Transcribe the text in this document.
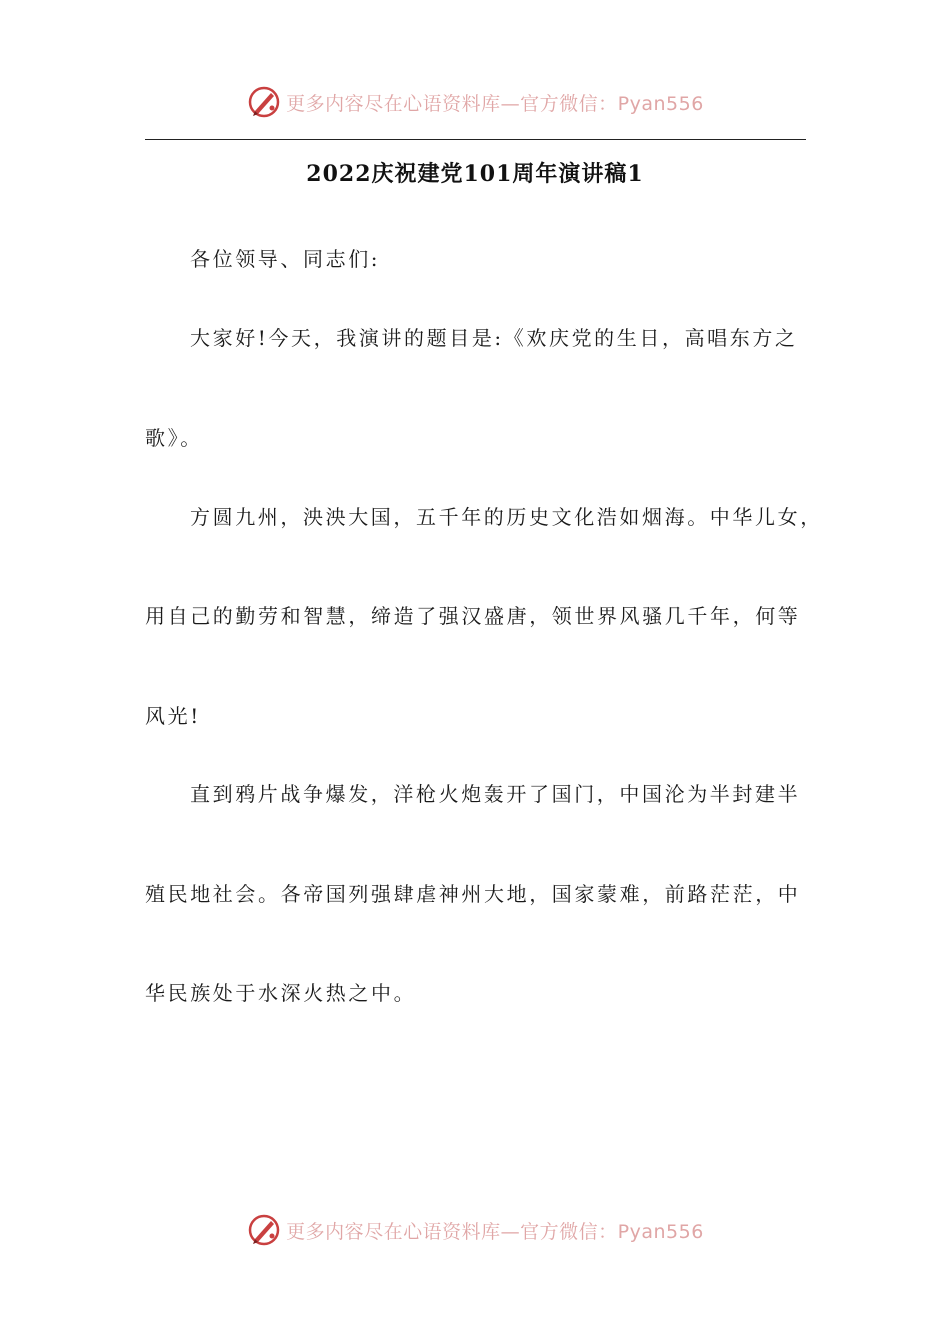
更多内容尽在心语资料库—官方微信：Pyan556
2022庆祝建党101周年演讲稿1
各位领导、同志们:
大家好!今天，我演讲的题目是:《欢庆党的生日，高唱东方之
歌》。
方圆九州，泱泱大国，五千年的历史文化浩如烟海。中华儿女，
用自己的勤劳和智慧，缔造了强汉盛唐，领世界风骚几千年，何等
风光!
直到鸦片战争爆发，洋枪火炮轰开了国门，中国沦为半封建半
殖民地社会。各帝国列强肆虐神州大地，国家蒙难，前路茫茫，中
华民族处于水深火热之中。
更多内容尽在心语资料库—官方微信：Pyan556
